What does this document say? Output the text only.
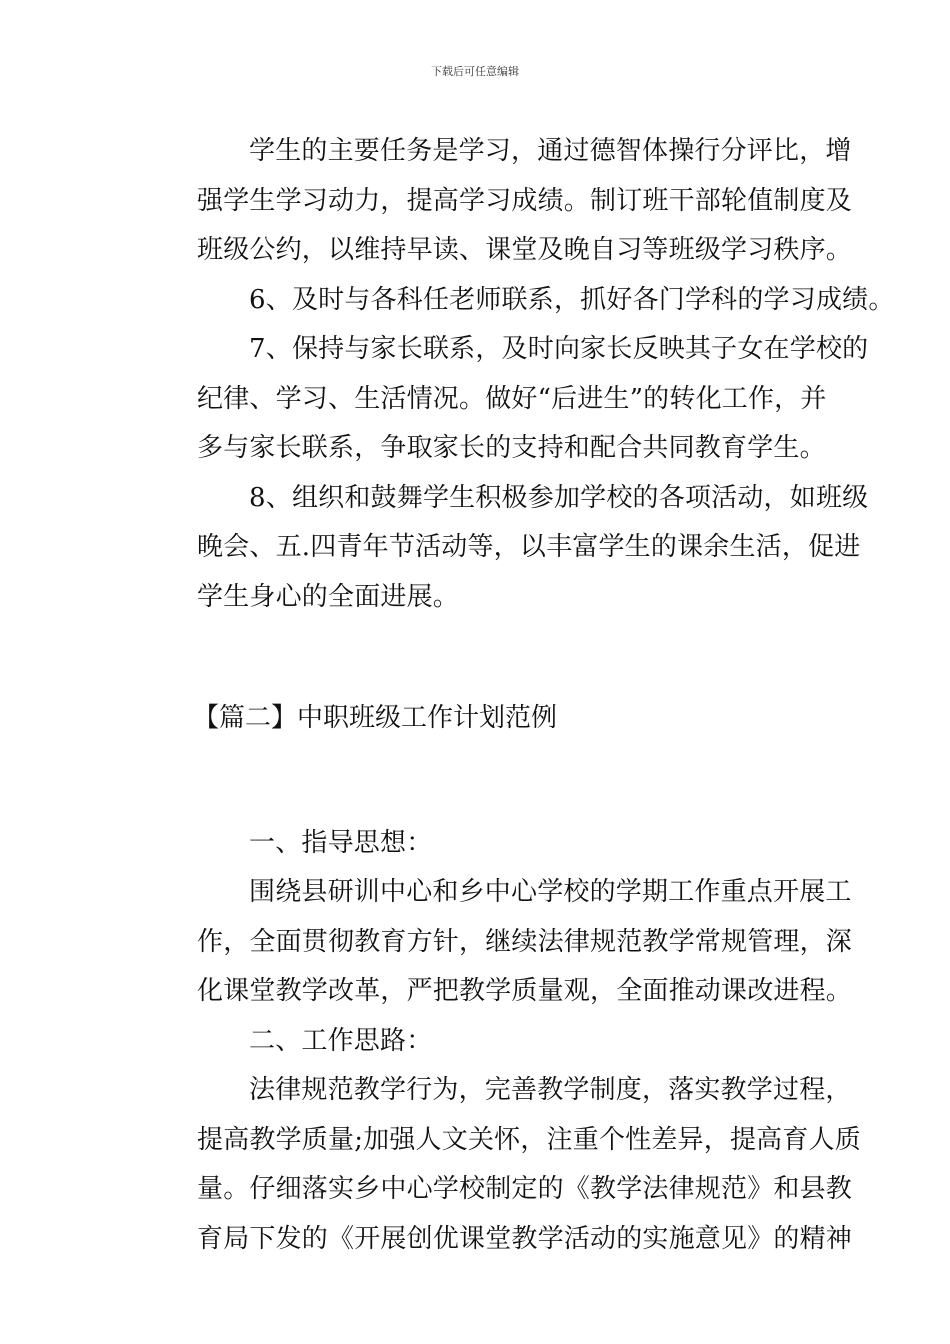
下载后可任意编辑
学生的主要任务是学习，通过德智体操行分评比，增
强学生学习动力，提高学习成绩。制订班干部轮值制度及
班级公约，以维持早读、课堂及晚自习等班级学习秩序。
6、及时与各科任老师联系，抓好各门学科的学习成绩。
7、保持与家长联系，及时向家长反映其子女在学校的
纪律、学习、生活情况。做好“后进生”的转化工作，并
多与家长联系，争取家长的支持和配合共同教育学生。
8、组织和鼓舞学生积极参加学校的各项活动，如班级
晚会、五.四青年节活动等，以丰富学生的课余生活，促进
学生身心的全面进展。
【篇二】中职班级工作计划范例
一、指导思想：
围绕县研训中心和乡中心学校的学期工作重点开展工
作，全面贯彻教育方针，继续法律规范教学常规管理，深
化课堂教学改革，严把教学质量观，全面推动课改进程。
二、工作思路：
法律规范教学行为，完善教学制度，落实教学过程，
提高教学质量;加强人文关怀，注重个性差异，提高育人质
量。仔细落实乡中心学校制定的《教学法律规范》和县教
育局下发的《开展创优课堂教学活动的实施意见》的精神
